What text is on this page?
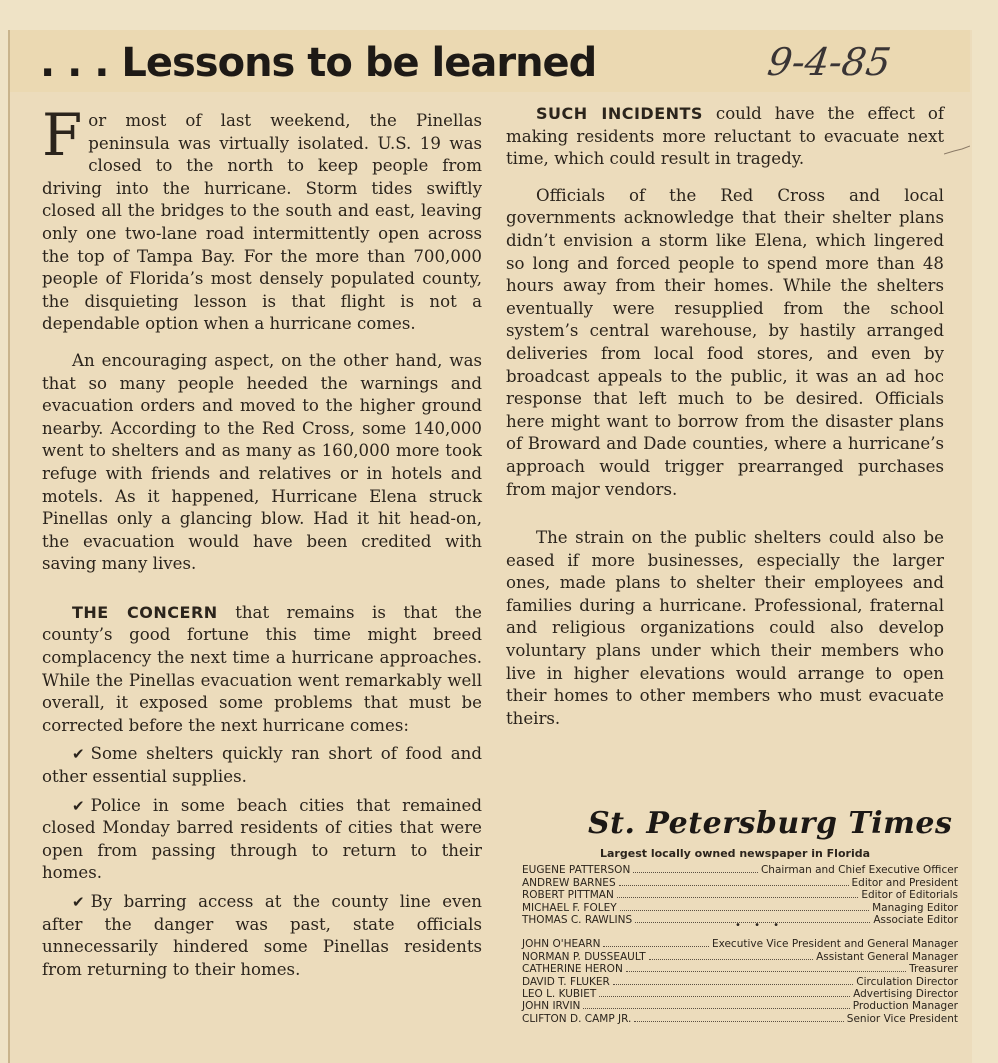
. . . Lessons to be learned	9-4-85

For most of last weekend, the Pinellas peninsula was virtually isolated. U.S. 19 was closed to the north to keep people from driving into the hurricane. Storm tides swiftly closed all the bridges to the south and east, leaving only one two-lane road intermittently open across the top of Tampa Bay. For the more than 700,000 people of Florida’s most densely populated county, the disquieting lesson is that flight is not a dependable option when a hurricane comes.

An encouraging aspect, on the other hand, was that so many people heeded the warnings and evacuation orders and moved to the higher ground nearby. According to the Red Cross, some 140,000 went to shelters and as many as 160,000 more took refuge with friends and relatives or in hotels and motels. As it happened, Hurricane Elena struck Pinellas only a glancing blow. Had it hit head-on, the evacuation would have been credited with saving many lives.

THE CONCERN that remains is that the county’s good fortune this time might breed complacency the next time a hurricane approaches. While the Pinellas evacuation went remarkably well overall, it exposed some problems that must be corrected before the next hurricane comes:

✔ Some shelters quickly ran short of food and other essential supplies.

✔ Police in some beach cities that remained closed Monday barred residents of cities that were open from passing through to return to their homes.

✔ By barring access at the county line even after the danger was past, state officials unnecessarily hindered some Pinellas residents from returning to their homes.

SUCH INCIDENTS could have the effect of making residents more reluctant to evacuate next time, which could result in tragedy.

Officials of the Red Cross and local governments acknowledge that their shelter plans didn’t envision a storm like Elena, which lingered so long and forced people to spend more than 48 hours away from their homes. While the shelters eventually were resupplied from the school system’s central warehouse, by hastily arranged deliveries from local food stores, and even by broadcast appeals to the public, it was an ad hoc response that left much to be desired. Officials here might want to borrow from the disaster plans of Broward and Dade counties, where a hurricane’s approach would trigger prearranged purchases from major vendors.

The strain on the public shelters could also be eased if more businesses, especially the larger ones, made plans to shelter their employees and families during a hurricane. Professional, fraternal and religious organizations could also develop voluntary plans under which their members who live in higher elevations would arrange to open their homes to other members who must evacuate theirs.

St. Petersburg Times
Largest locally owned newspaper in Florida
EUGENE PATTERSON	Chairman and Chief Executive Officer
ANDREW BARNES	Editor and President
ROBERT PITTMAN	Editor of Editorials
MICHAEL F. FOLEY	Managing Editor
THOMAS C. RAWLINS	Associate Editor
• • •
JOHN O'HEARN	Executive Vice President and General Manager
NORMAN P. DUSSEAULT	Assistant General Manager
CATHERINE HERON	Treasurer
DAVID T. FLUKER	Circulation Director
LEO L. KUBIET	Advertising Director
JOHN IRVIN	Production Manager
CLIFTON D. CAMP JR.	Senior Vice President
